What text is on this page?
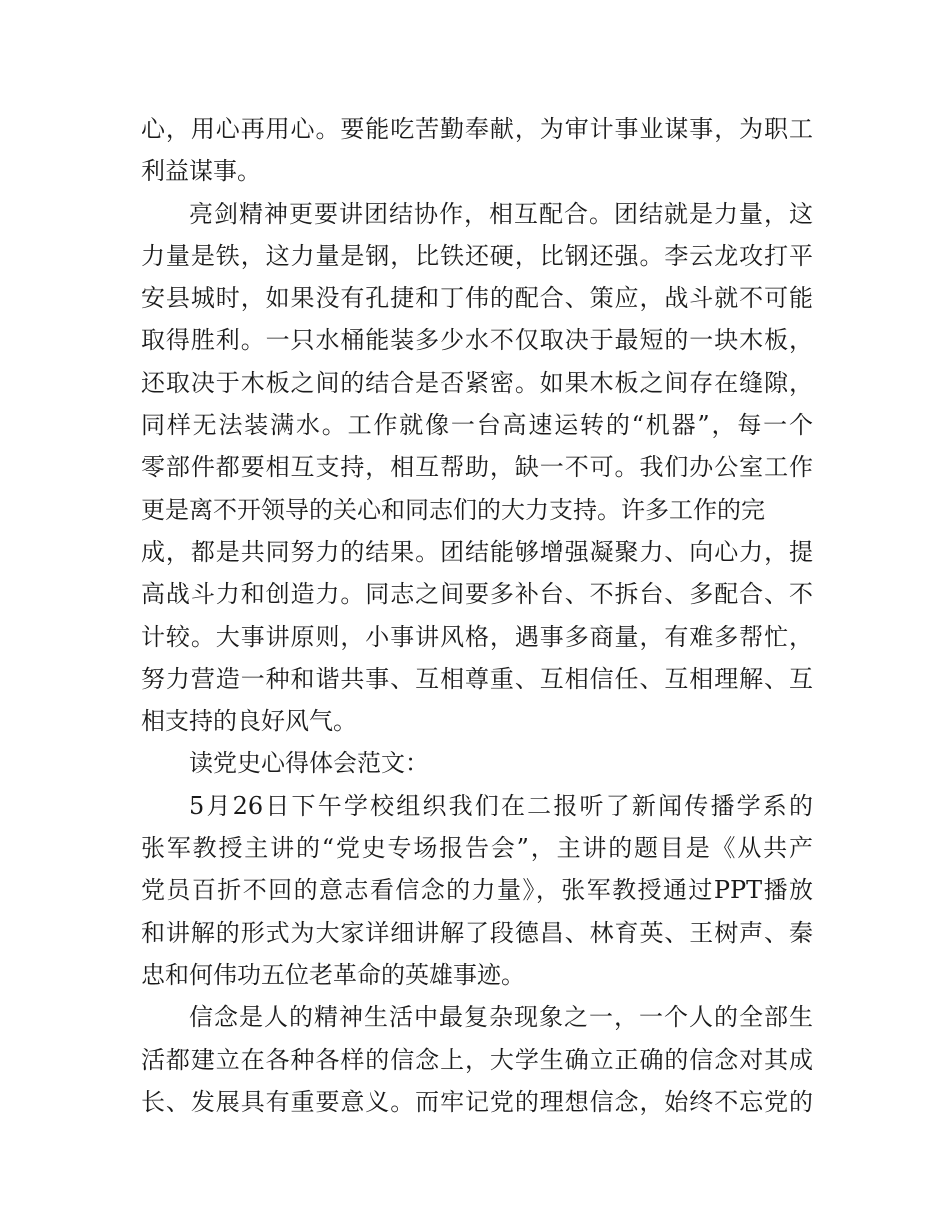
心，用心再用心。要能吃苦勤奉献，为审计事业谋事，为职工
利益谋事。
亮剑精神更要讲团结协作，相互配合。团结就是力量，这
力量是铁，这力量是钢，比铁还硬，比钢还强。李云龙攻打平
安县城时，如果没有孔捷和丁伟的配合、策应，战斗就不可能
取得胜利。一只水桶能装多少水不仅取决于最短的一块木板，
还取决于木板之间的结合是否紧密。如果木板之间存在缝隙，
同样无法装满水。工作就像一台高速运转的“机器”，每一个
零部件都要相互支持，相互帮助，缺一不可。我们办公室工作
更是离不开领导的关心和同志们的大力支持。许多工作的完
成，都是共同努力的结果。团结能够增强凝聚力、向心力，提
高战斗力和创造力。同志之间要多补台、不拆台、多配合、不
计较。大事讲原则，小事讲风格，遇事多商量，有难多帮忙，
努力营造一种和谐共事、互相尊重、互相信任、互相理解、互
相支持的良好风气。
读党史心得体会范文：
5月26日下午学校组织我们在二报听了新闻传播学系的
张军教授主讲的“党史专场报告会”，主讲的题目是《从共产
党员百折不回的意志看信念的力量》，张军教授通过PPT播放
和讲解的形式为大家详细讲解了段德昌、林育英、王树声、秦
忠和何伟功五位老革命的英雄事迹。
信念是人的精神生活中最复杂现象之一，一个人的全部生
活都建立在各种各样的信念上，大学生确立正确的信念对其成
长、发展具有重要意义。而牢记党的理想信念，始终不忘党的
